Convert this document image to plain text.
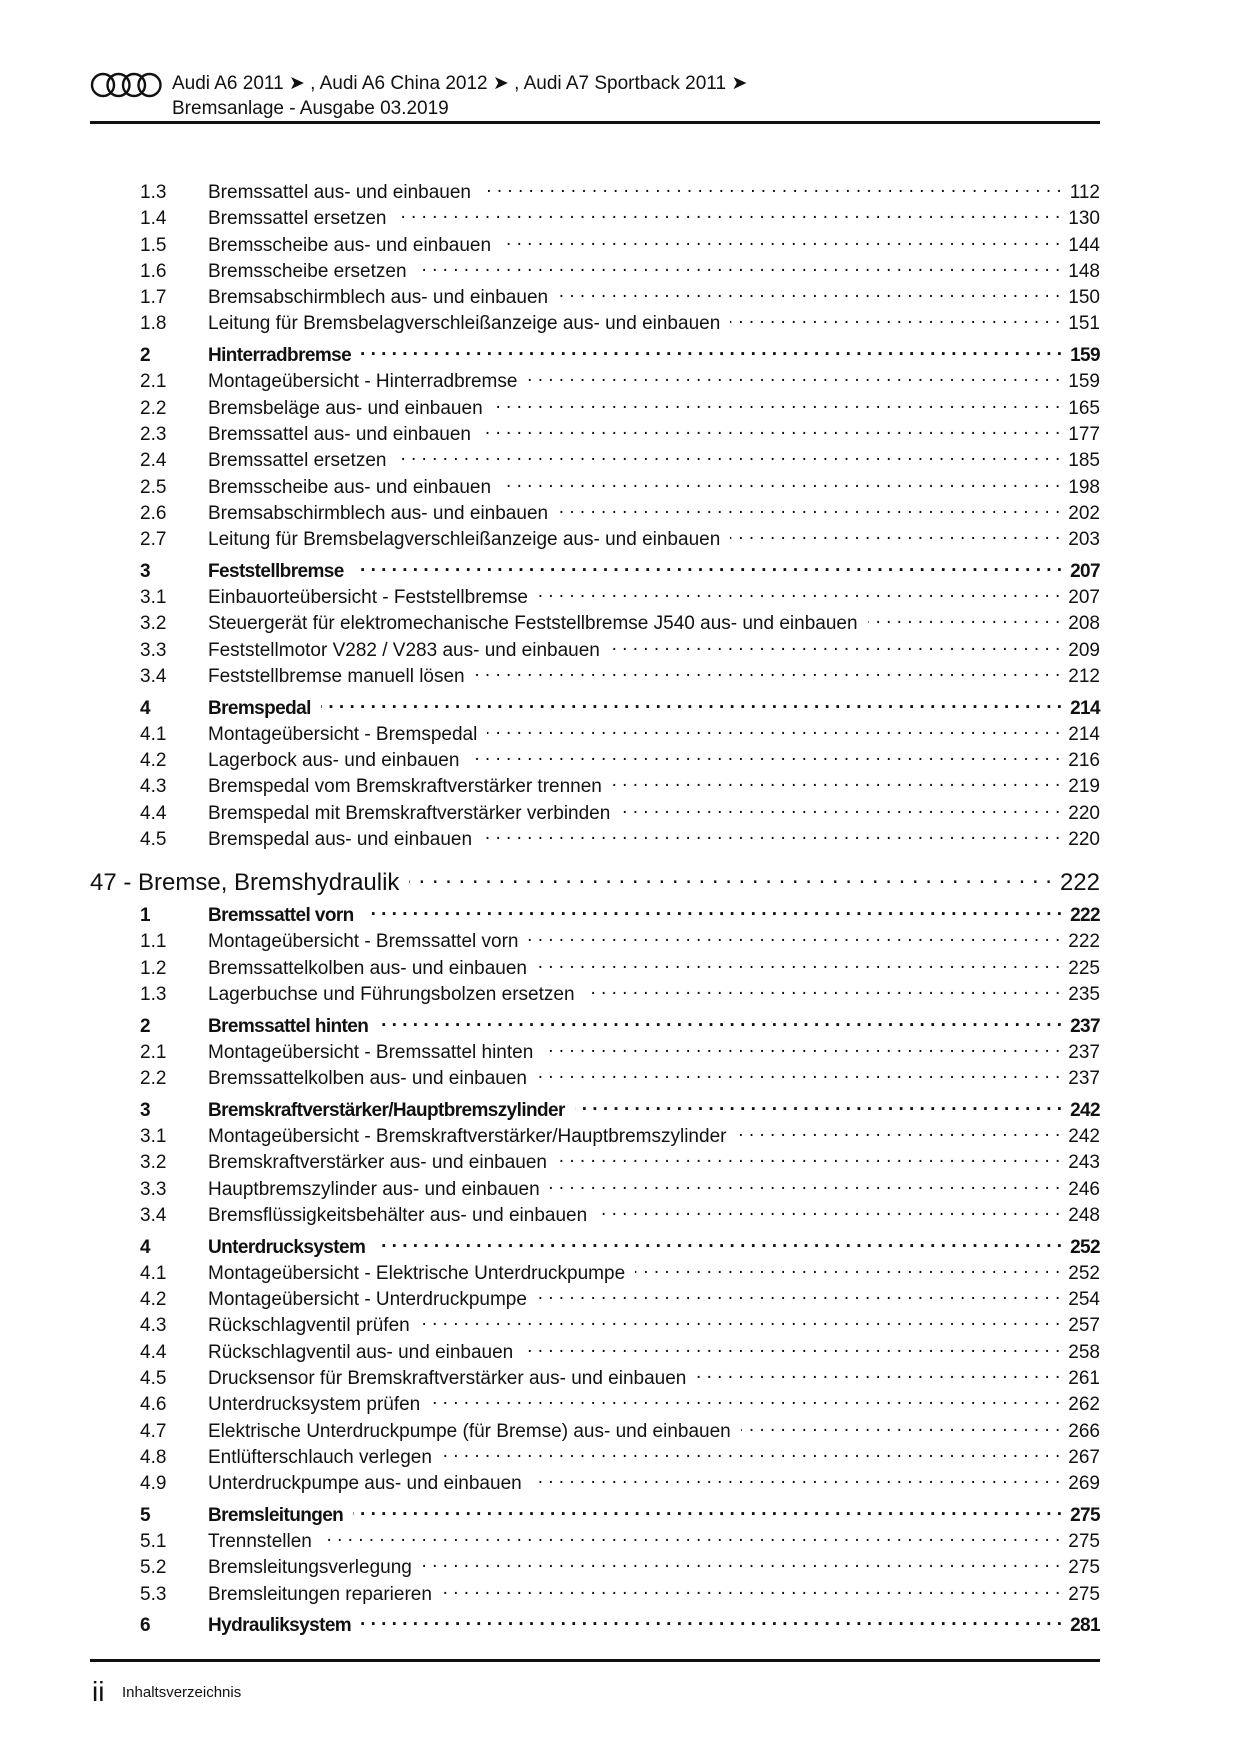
Audi A6 2011 ➤ , Audi A6 China 2012 ➤ , Audi A7 Sportback 2011 ➤
Bremsanlage - Ausgabe 03.2019
1.3	Bremssattel aus- und einbauen . . .	112
1.4	Bremssattel ersetzen . . .	130
1.5	Bremsscheibe aus- und einbauen . . .	144
1.6	Bremsscheibe ersetzen . . .	148
1.7	Bremsabschirmblech aus- und einbauen . . .	150
1.8	Leitung für Bremsbelagverschleißanzeige aus- und einbauen . . .	151
2	Hinterradbremse . . .	159
2.1	Montageübersicht - Hinterradbremse . . .	159
2.2	Bremsbeläge aus- und einbauen . . .	165
2.3	Bremssattel aus- und einbauen . . .	177
2.4	Bremssattel ersetzen . . .	185
2.5	Bremsscheibe aus- und einbauen . . .	198
2.6	Bremsabschirmblech aus- und einbauen . . .	202
2.7	Leitung für Bremsbelagverschleißanzeige aus- und einbauen . . .	203
3	Feststellbremse . . .	207
3.1	Einbauorteübersicht - Feststellbremse . . .	207
3.2	Steuergerät für elektromechanische Feststellbremse J540 aus- und einbauen . . .	208
3.3	Feststellmotor V282 / V283 aus- und einbauen . . .	209
3.4	Feststellbremse manuell lösen . . .	212
4	Bremspedal . . .	214
4.1	Montageübersicht - Bremspedal . . .	214
4.2	Lagerbock aus- und einbauen . . .	216
4.3	Bremspedal vom Bremskraftverstärker trennen . . .	219
4.4	Bremspedal mit Bremskraftverstärker verbinden . . .	220
4.5	Bremspedal aus- und einbauen . . .	220
47 - Bremse, Bremshydraulik . . .	222
1	Bremssattel vorn . . .	222
1.1	Montageübersicht - Bremssattel vorn . . .	222
1.2	Bremssattelkolben aus- und einbauen . . .	225
1.3	Lagerbuchse und Führungsbolzen ersetzen . . .	235
2	Bremssattel hinten . . .	237
2.1	Montageübersicht - Bremssattel hinten . . .	237
2.2	Bremssattelkolben aus- und einbauen . . .	237
3	Bremskraftverstärker/Hauptbremszylinder . . .	242
3.1	Montageübersicht - Bremskraftverstärker/Hauptbremszylinder . . .	242
3.2	Bremskraftverstärker aus- und einbauen . . .	243
3.3	Hauptbremszylinder aus- und einbauen . . .	246
3.4	Bremsflüssigkeitsbehälter aus- und einbauen . . .	248
4	Unterdrucksystem . . .	252
4.1	Montageübersicht - Elektrische Unterdruckpumpe . . .	252
4.2	Montageübersicht - Unterdruckpumpe . . .	254
4.3	Rückschlagventil prüfen . . .	257
4.4	Rückschlagventil aus- und einbauen . . .	258
4.5	Drucksensor für Bremskraftverstärker aus- und einbauen . . .	261
4.6	Unterdrucksystem prüfen . . .	262
4.7	Elektrische Unterdruckpumpe (für Bremse) aus- und einbauen . . .	266
4.8	Entlüfterschlauch verlegen . . .	267
4.9	Unterdruckpumpe aus- und einbauen . . .	269
5	Bremsleitungen . . .	275
5.1	Trennstellen . . .	275
5.2	Bremsleitungsverlegung . . .	275
5.3	Bremsleitungen reparieren . . .	275
6	Hydrauliksystem . . .	281
ii Inhaltsverzeichnis
